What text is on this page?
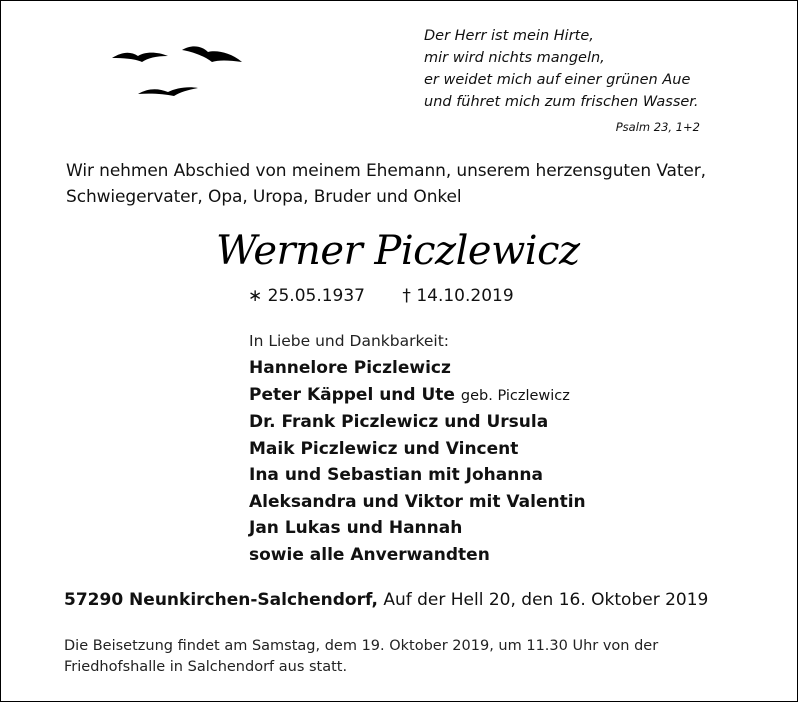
Der Herr ist mein Hirte,
mir wird nichts mangeln,
er weidet mich auf einer grünen Aue
und führet mich zum frischen Wasser.
Psalm 23, 1+2
Wir nehmen Abschied von meinem Ehemann, unserem herzensguten Vater,
Schwiegervater, Opa, Uropa, Bruder und Onkel
Werner Piczlewicz
∗ 25.05.1937 † 14.10.2019
In Liebe und Dankbarkeit:
Hannelore Piczlewicz
Peter Käppel und Ute geb. Piczlewicz
Dr. Frank Piczlewicz und Ursula
Maik Piczlewicz und Vincent
Ina und Sebastian mit Johanna
Aleksandra und Viktor mit Valentin
Jan Lukas und Hannah
sowie alle Anverwandten
57290 Neunkirchen-Salchendorf, Auf der Hell 20, den 16. Oktober 2019
Die Beisetzung findet am Samstag, dem 19. Oktober 2019, um 11.30 Uhr von der
Friedhofshalle in Salchendorf aus statt.
